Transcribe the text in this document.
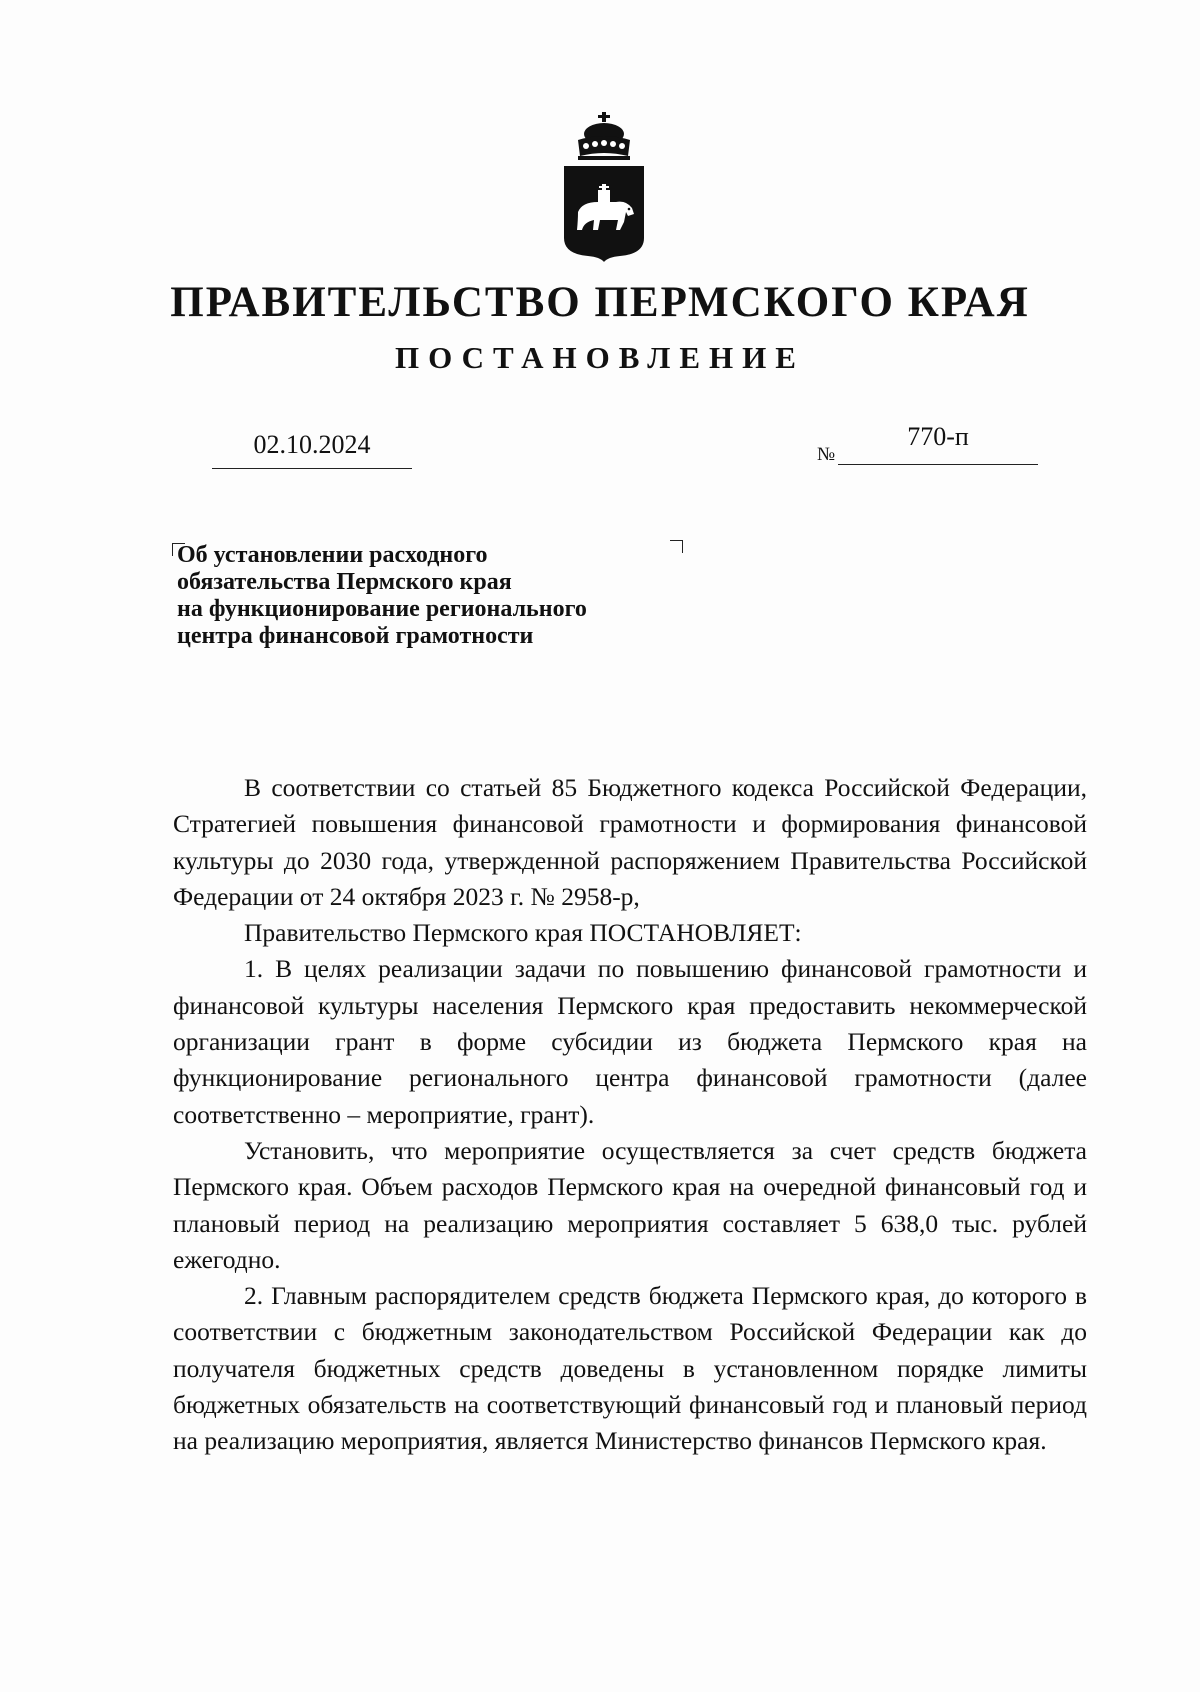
ПРАВИТЕЛЬСТВО ПЕРМСКОГО КРАЯ
ПОСТАНОВЛЕНИЕ
02.10.2024	№
770-п
Об установлении расходного
обязательства Пермского края
на функционирование регионального
центра финансовой грамотности

В соответствии со статьей 85 Бюджетного кодекса Российской Федерации, Стратегией повышения финансовой грамотности и формирования финансовой культуры до 2030 года, утвержденной распоряжением Правительства Российской Федерации от 24 октября 2023 г. № 2958-р,

Правительство Пермского края ПОСТАНОВЛЯЕТ:

1. В целях реализации задачи по повышению финансовой грамотности и финансовой культуры населения Пермского края предоставить некоммерческой организации грант в форме субсидии из бюджета Пермского края на функционирование регионального центра финансовой грамотности (далее соответственно – мероприятие, грант).

Установить, что мероприятие осуществляется за счет средств бюджета Пермского края. Объем расходов Пермского края на очередной финансовый год и плановый период на реализацию мероприятия составляет 5 638,0 тыс. рублей ежегодно.

2. Главным распорядителем средств бюджета Пермского края, до которого в соответствии с бюджетным законодательством Российской Федерации как до получателя бюджетных средств доведены в установленном порядке лимиты бюджетных обязательств на соответствующий финансовый год и плановый период на реализацию мероприятия, является Министерство финансов Пермского края.
